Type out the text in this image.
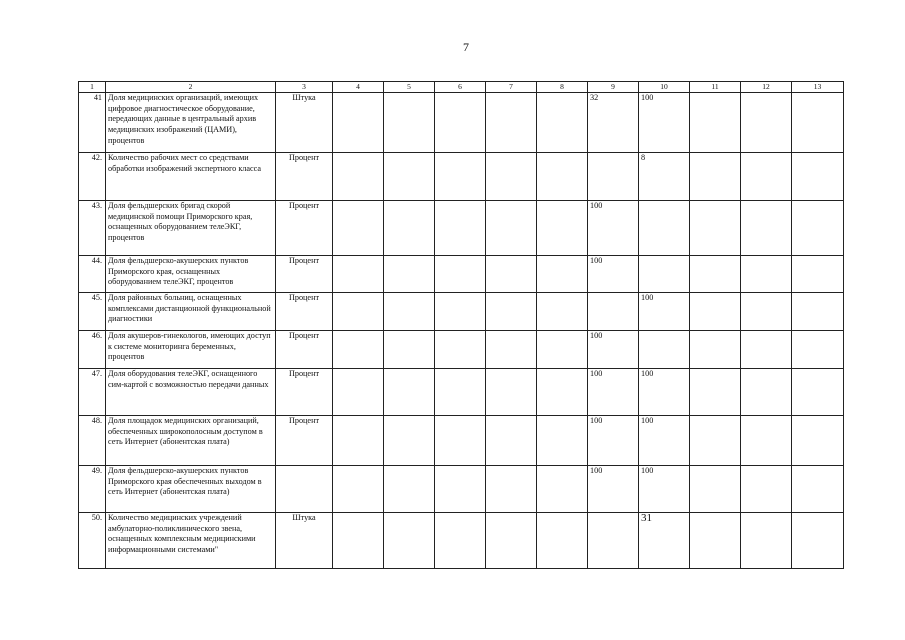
7
1	2	3	4	5	6	7	8	9	10	11	12	13
41	Доля медицинских организаций, имеющих цифровое диагностическое оборудование, передающих данные в центральный архив медицинских изображений (ЦАМИ), процентов	Штука						32	100			
42.	Количество рабочих мест со средствами обработки изображений экспертного класса	Процент							8			
43.	Доля фельдшерских бригад скорой медицинской помощи Приморского края, оснащенных оборудованием телеЭКГ, процентов	Процент						100				
44.	Доля фельдшерско-акушерских пунктов Приморского края, оснащенных оборудованием телеЭКГ, процентов	Процент						100				
45.	Доля районных больниц, оснащенных комплексами дистанционной функциональной диагностики	Процент							100			
46.	Доля акушеров-гинекологов, имеющих доступ к системе мониторинга беременных, процентов	Процент						100				
47.	Доля оборудования телеЭКГ, оснащенного сим-картой с возможностью передачи данных	Процент						100	100			
48.	Доля площадок медицинских организаций, обеспеченных широкополосным доступом в сеть Интернет (абонентская плата)	Процент						100	100			
49.	Доля фельдшерско-акушерских пунктов Приморского края обеспеченных выходом в сеть Интернет (абонентская плата)							100	100			
50.	Количество медицинских учреждений амбулаторно-поликлинического звена, оснащенных комплексным медицинскими информационными системами"	Штука							31			
